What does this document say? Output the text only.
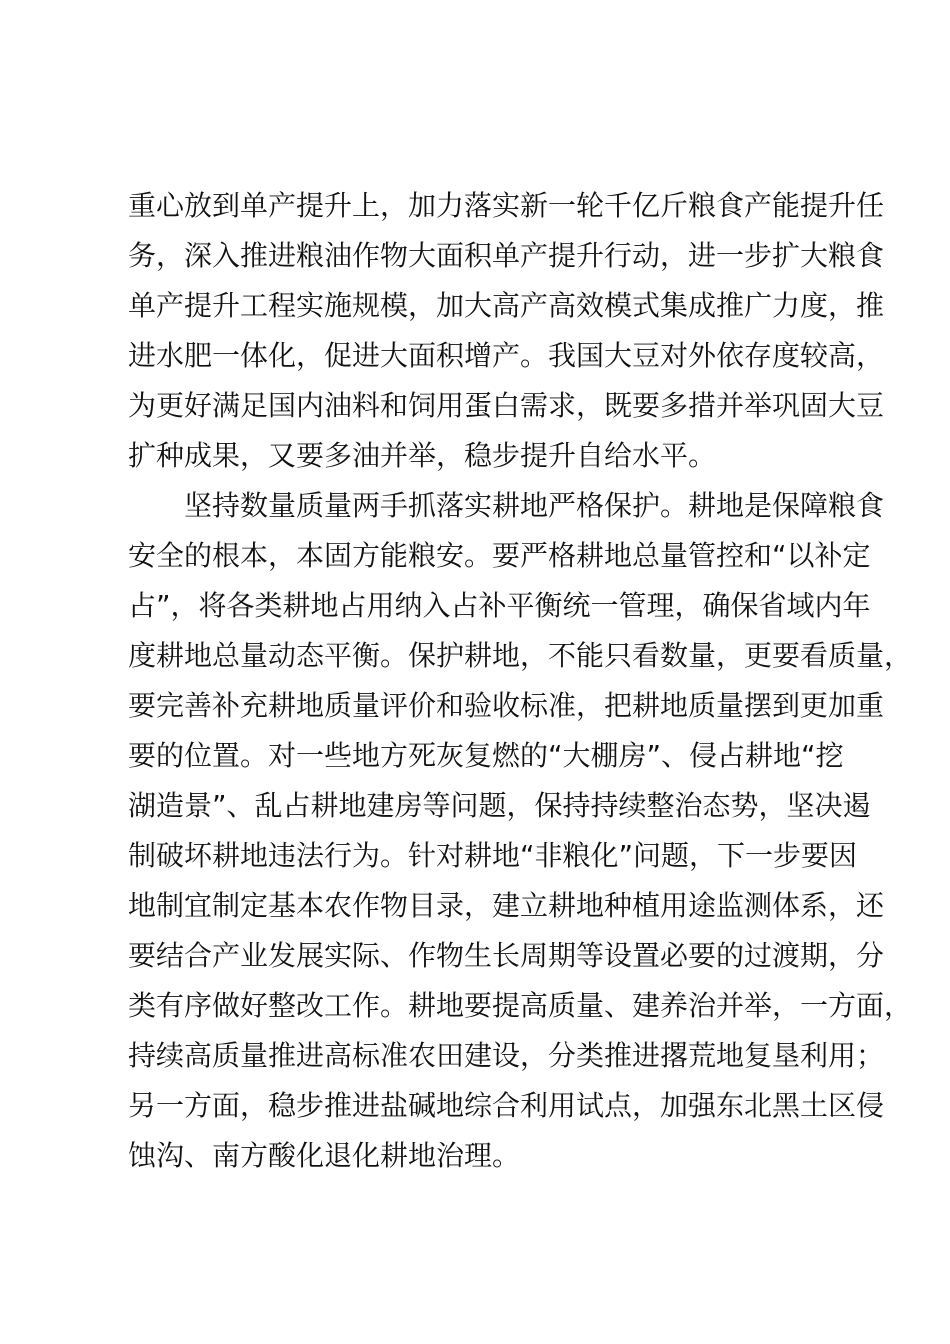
重心放到单产提升上，加力落实新一轮千亿斤粮食产能提升任
务，深入推进粮油作物大面积单产提升行动，进一步扩大粮食
单产提升工程实施规模，加大高产高效模式集成推广力度，推
进水肥一体化，促进大面积增产。我国大豆对外依存度较高，
为更好满足国内油料和饲用蛋白需求，既要多措并举巩固大豆
扩种成果，又要多油并举，稳步提升自给水平。
坚持数量质量两手抓落实耕地严格保护。耕地是保障粮食
安全的根本，本固方能粮安。要严格耕地总量管控和“以补定
占”，将各类耕地占用纳入占补平衡统一管理，确保省域内年
度耕地总量动态平衡。保护耕地，不能只看数量，更要看质量，
要完善补充耕地质量评价和验收标准，把耕地质量摆到更加重
要的位置。对一些地方死灰复燃的“大棚房”、侵占耕地“挖
湖造景”、乱占耕地建房等问题，保持持续整治态势，坚决遏
制破坏耕地违法行为。针对耕地“非粮化”问题，下一步要因
地制宜制定基本农作物目录，建立耕地种植用途监测体系，还
要结合产业发展实际、作物生长周期等设置必要的过渡期，分
类有序做好整改工作。耕地要提高质量、建养治并举，一方面，
持续高质量推进高标准农田建设，分类推进撂荒地复垦利用；
另一方面，稳步推进盐碱地综合利用试点，加强东北黑土区侵
蚀沟、南方酸化退化耕地治理。
